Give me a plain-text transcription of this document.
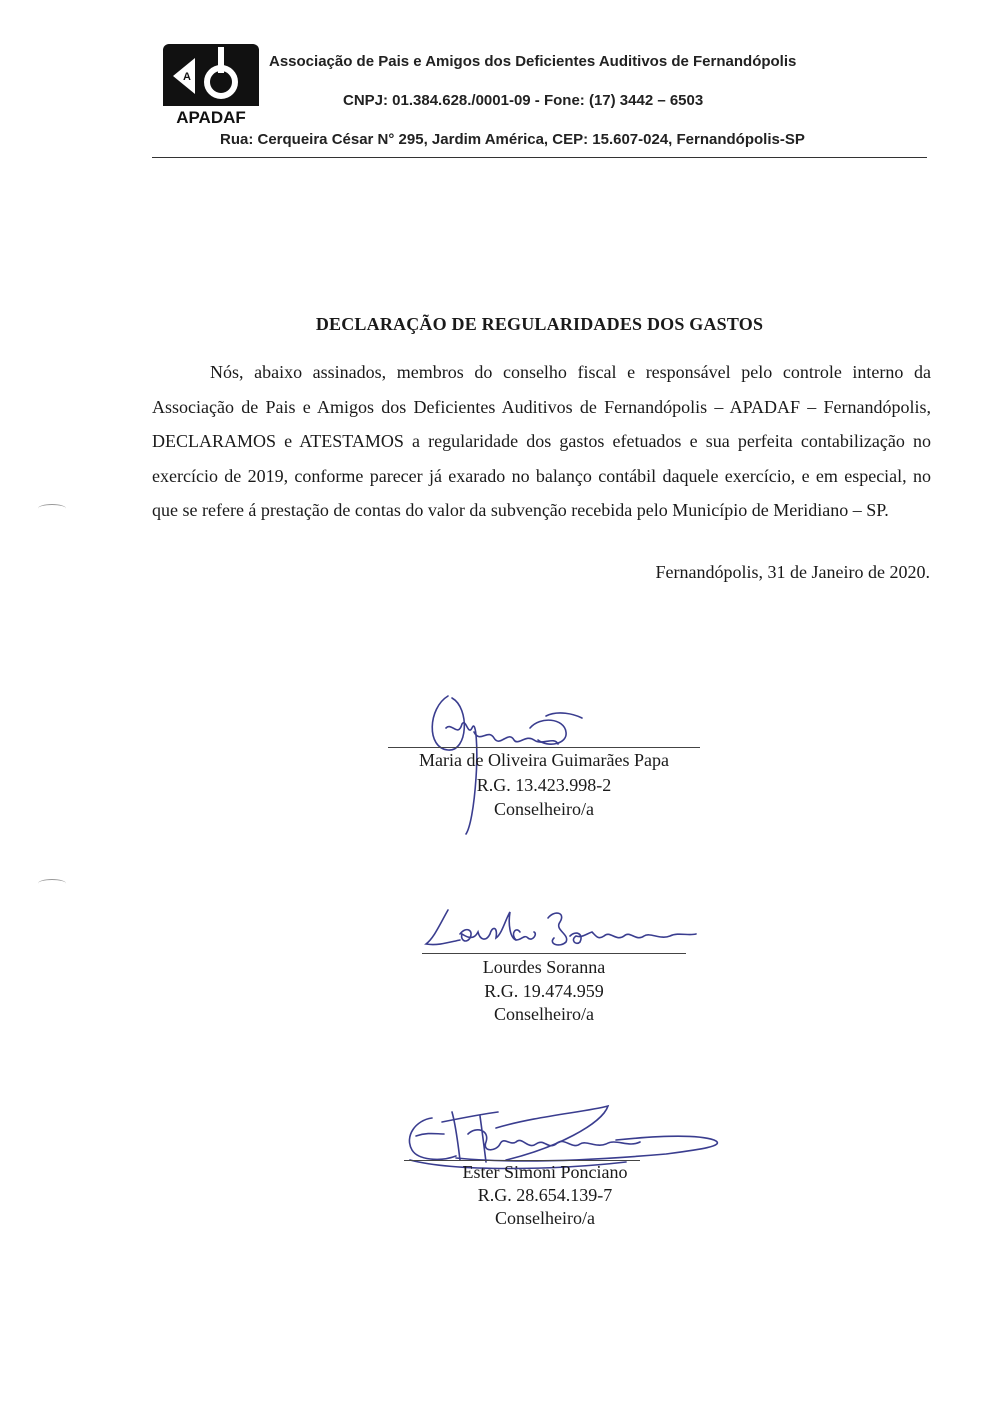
A
APADAF
Associação de Pais e Amigos dos Deficientes Auditivos de Fernandópolis
CNPJ: 01.384.628./0001-09 - Fone: (17) 3442 – 6503
Rua: Cerqueira César N° 295, Jardim América, CEP: 15.607-024, Fernandópolis-SP
DECLARAÇÃO DE REGULARIDADES DOS GASTOS
Nós, abaixo assinados, membros do conselho fiscal e responsável pelo controle interno da Associação de Pais e Amigos dos Deficientes Auditivos de Fernandópolis – APADAF – Fernandópolis, DECLARAMOS e ATESTAMOS a regularidade dos gastos efetuados e sua perfeita contabilização no exercício de 2019, conforme parecer já exarado no balanço contábil daquele exercício, e em especial, no que se refere á prestação de contas do valor da subvenção recebida pelo Município de Meridiano – SP.
Fernandópolis, 31 de Janeiro de 2020.
Maria de Oliveira Guimarães Papa
R.G. 13.423.998-2
Conselheiro/a
Lourdes Soranna
R.G. 19.474.959
Conselheiro/a
Ester Simoni Ponciano
R.G. 28.654.139-7
Conselheiro/a
